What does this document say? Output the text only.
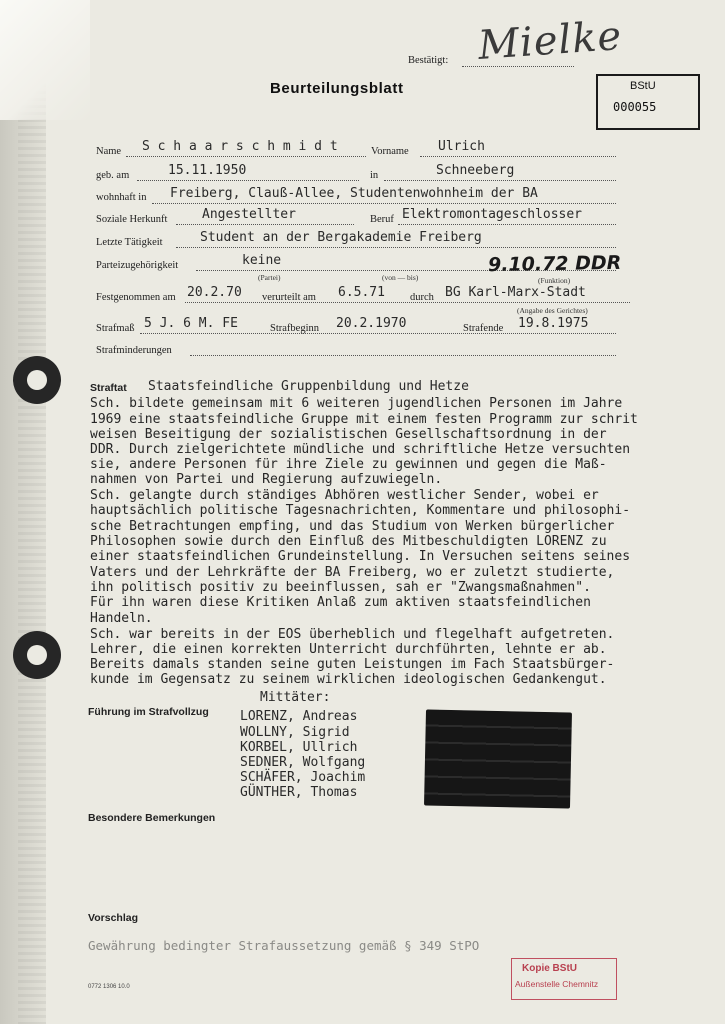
Bestätigt: Mielke
Beurteilungsblatt	BStU
000055
Name S c h a a r s c h m i d t	Vorname Ulrich
geb. am	15.11.1950	in	Schneeberg
wohnhaft in Freiberg, Clauß-Allee, Studentenwohnheim der BA
Soziale Herkunft	Angestellter	Beruf Elektromontageschlosser
Letzte Tätigkeit	Student an der Bergakademie Freiberg
Parteizugehörigkeit	keine
(Partei)	(von — bis)
9.10.72 DDR
(Funktion)
Festgenommen am 20.2.70 verurteilt am 6.5.71 durch BG Karl-Marx-Stadt
(Angabe des Gerichtes)
Strafmaß 5 J. 6 M. FE	Strafbeginn 20.2.1970	Strafende 19.8.1975
Strafminderungen
Straftat Staatsfeindliche Gruppenbildung und Hetze
Sch. bildete gemeinsam mit 6 weiteren jugendlichen Personen im Jahre
1969 eine staatsfeindliche Gruppe mit einem festen Programm zur schrit
weisen Beseitigung der sozialistischen Gesellschaftsordnung in der
DDR. Durch zielgerichtete mündliche und schriftliche Hetze versuchten
sie, andere Personen für ihre Ziele zu gewinnen und gegen die Maß-
nahmen von Partei und Regierung aufzuwiegeln.
Sch. gelangte durch ständiges Abhören westlicher Sender, wobei er
hauptsächlich politische Tagesnachrichten, Kommentare und philosophi-
sche Betrachtungen empfing, und das Studium von Werken bürgerlicher
Philosophen sowie durch den Einfluß des Mitbeschuldigten LORENZ zu
einer staatsfeindlichen Grundeinstellung. In Versuchen seitens seines
Vaters und der Lehrkräfte der BA Freiberg, wo er zuletzt studierte,
ihn politisch positiv zu beeinflussen, sah er "Zwangsmaßnahmen".
Für ihn waren diese Kritiken Anlaß zum aktiven staatsfeindlichen
Handeln.
Sch. war bereits in der EOS überheblich und flegelhaft aufgetreten.
Lehrer, die einen korrekten Unterricht durchführten, lehnte er ab.
Bereits damals standen seine guten Leistungen im Fach Staatsbürger-
kunde im Gegensatz zu seinem wirklichen ideologischen Gedankengut.
Führung im Strafvollzug
Mittäter:
LORENZ, Andreas
WOLLNY, Sigrid
KORBEL, Ullrich
SEDNER, Wolfgang
SCHÄFER, Joachim
GÜNTHER, Thomas
Besondere Bemerkungen
Vorschlag
Gewährung bedingter Strafaussetzung gemäß § 349 StPO
Kopie BStU
Außenstelle Chemnitz
0772 1306 10.0
